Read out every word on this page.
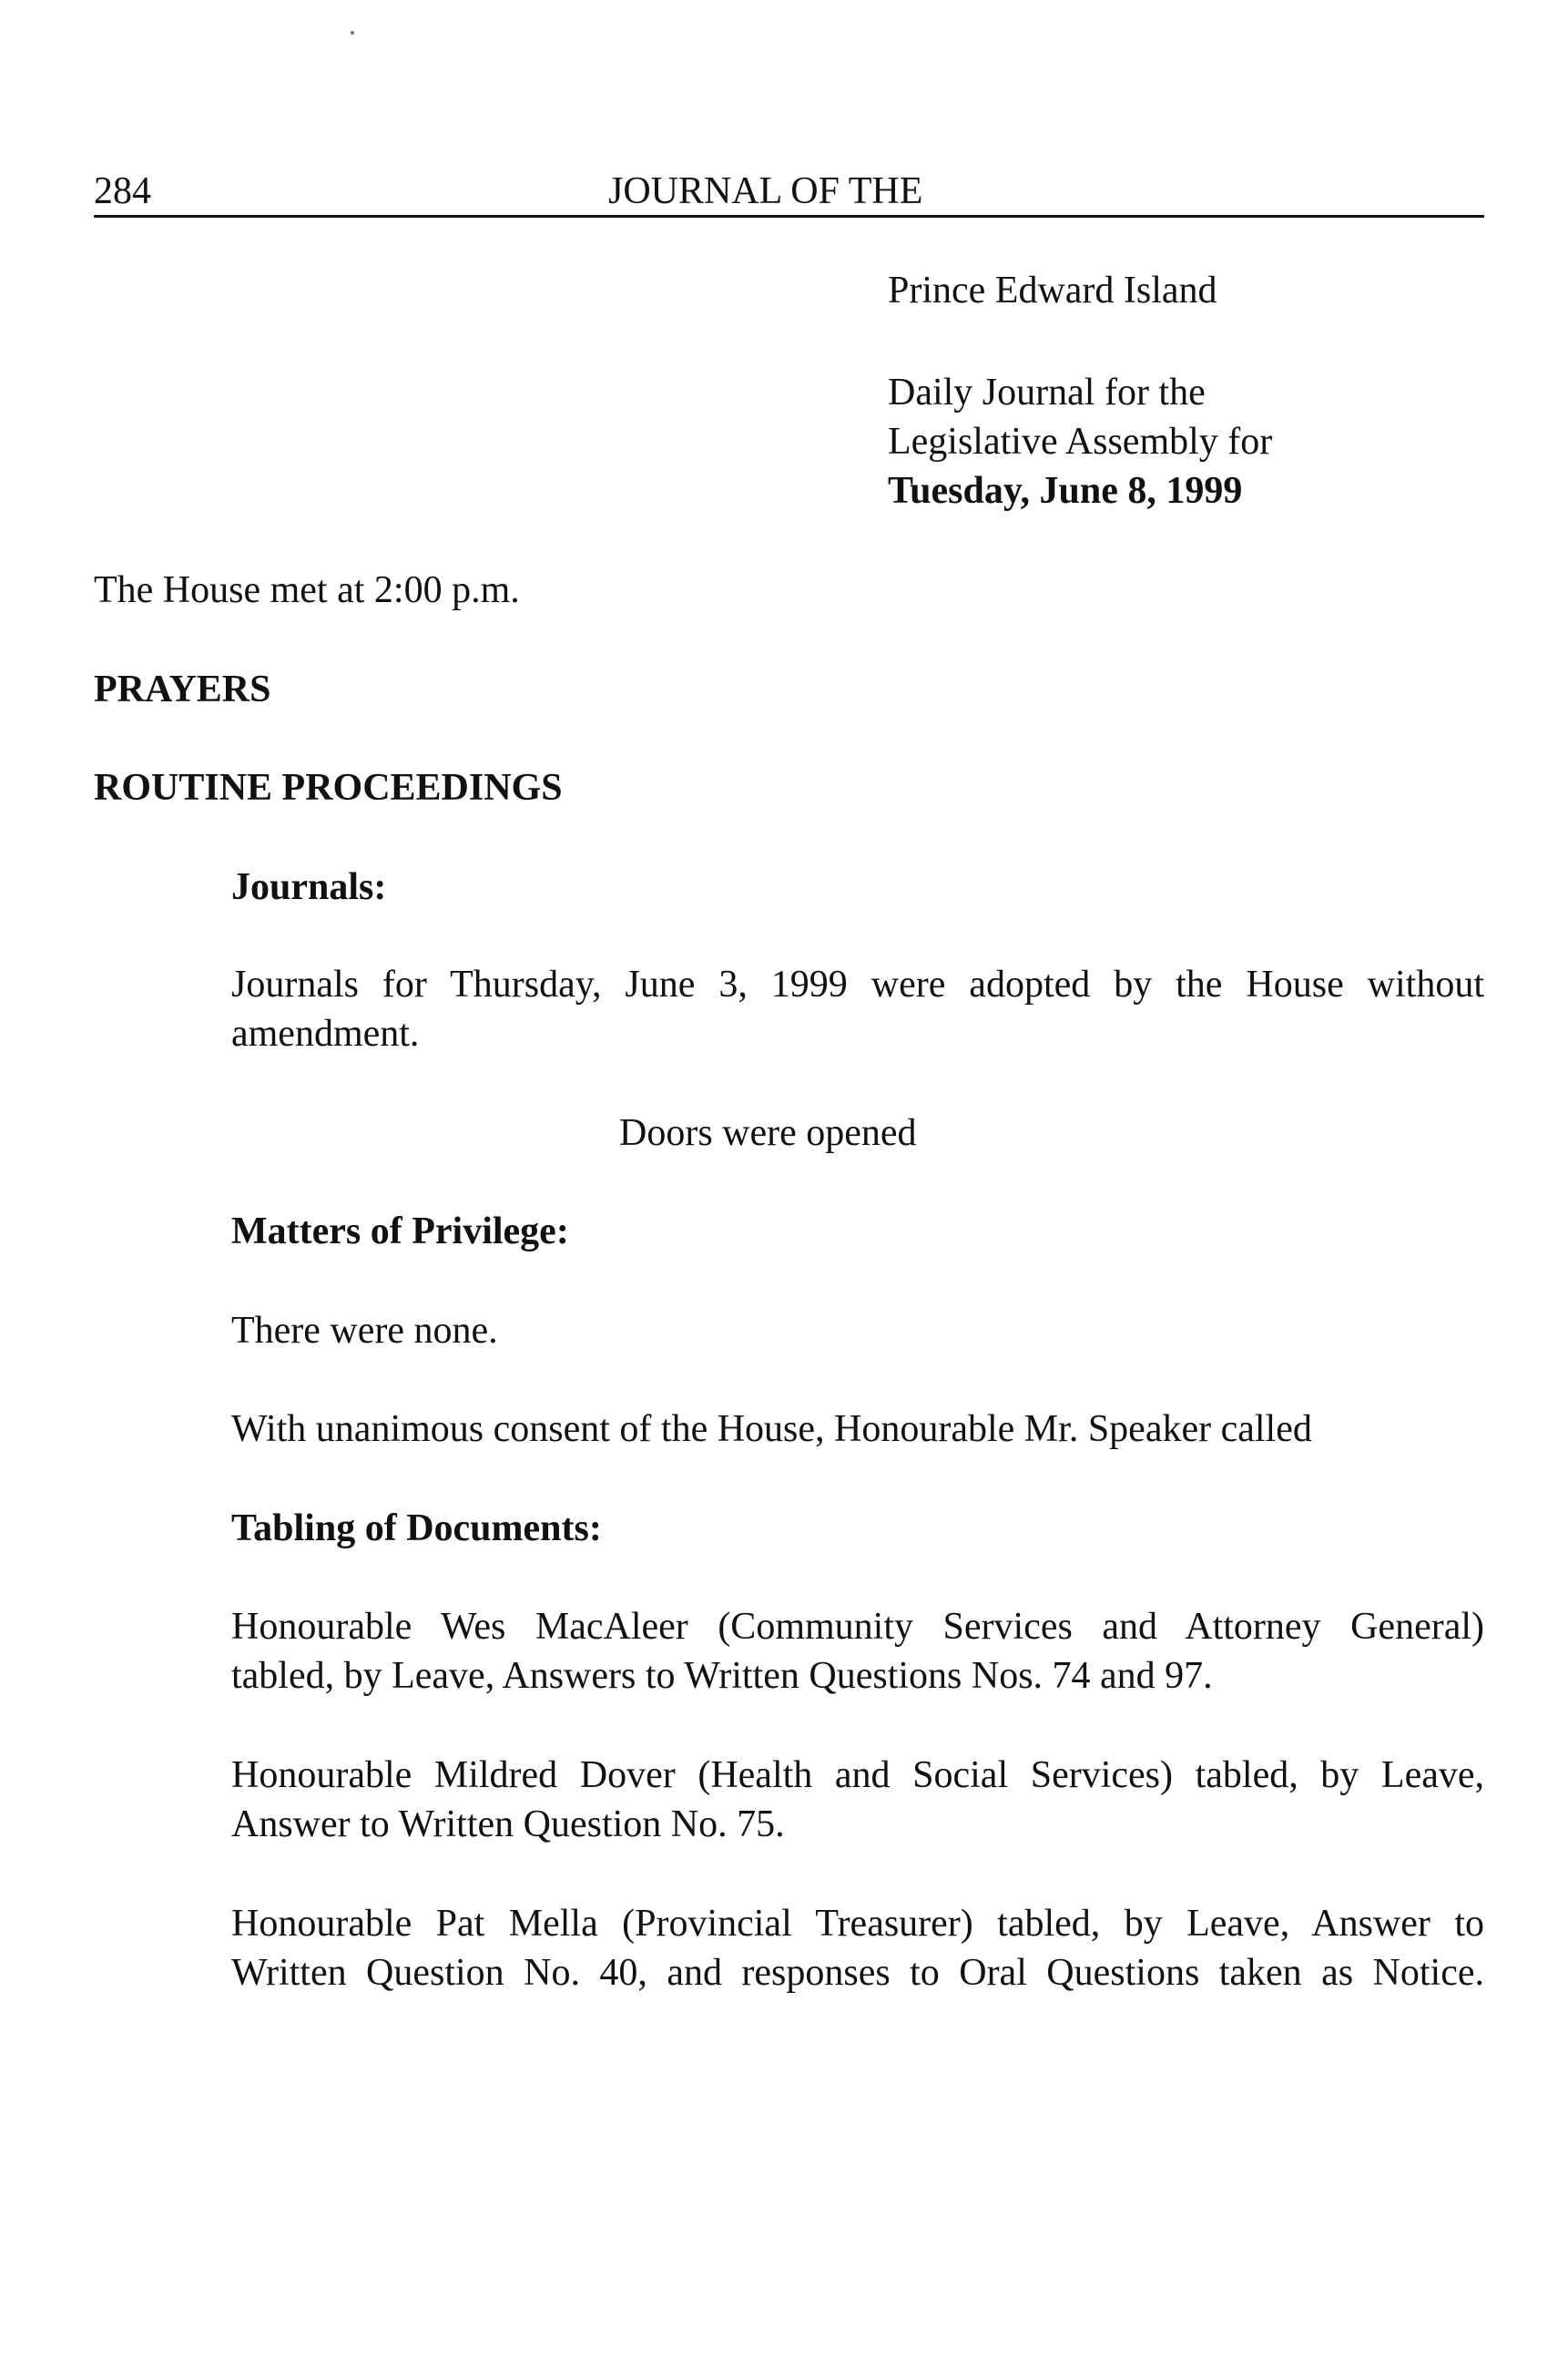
284	JOURNAL OF THE
Prince Edward Island
Daily Journal for the
Legislative Assembly for
Tuesday, June 8, 1999
The House met at 2:00 p.m.
PRAYERS
ROUTINE PROCEEDINGS
Journals:
Journals for Thursday, June 3, 1999 were adopted by the House without
amendment.
Doors were opened
Matters of Privilege:
There were none.
With unanimous consent of the House, Honourable Mr. Speaker called
Tabling of Documents:
Honourable Wes MacAleer (Community Services and Attorney General)
tabled, by Leave, Answers to Written Questions Nos. 74 and 97.
Honourable Mildred Dover (Health and Social Services) tabled, by Leave,
Answer to Written Question No. 75.
Honourable Pat Mella (Provincial Treasurer) tabled, by Leave, Answer to
Written Question No. 40, and responses to Oral Questions taken as Notice.
